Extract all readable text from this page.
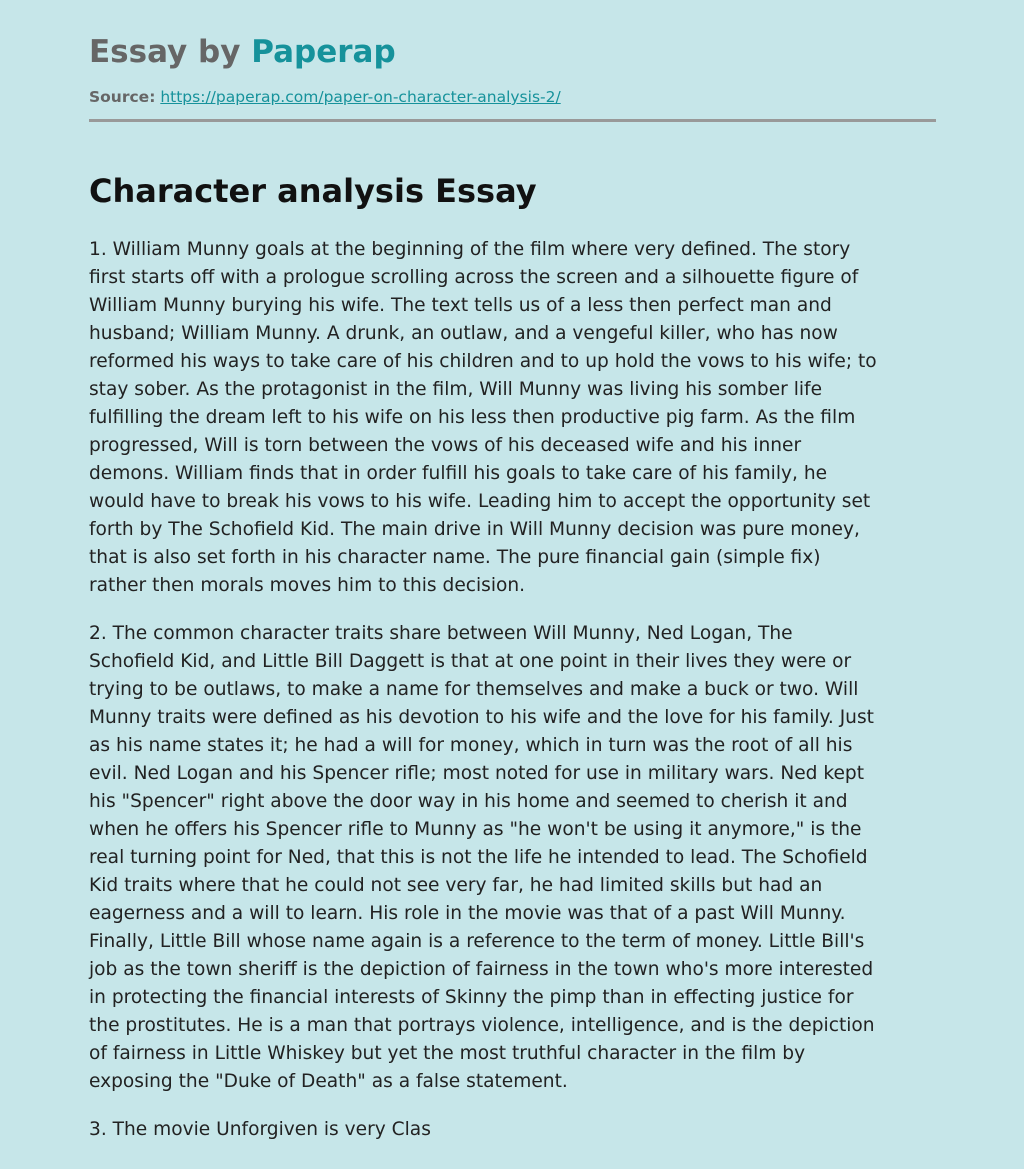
Essay by Paperap
Source: https://paperap.com/paper-on-character-analysis-2/
Character analysis Essay

1. William Munny goals at the beginning of the film where very defined. The story
first starts off with a prologue scrolling across the screen and a silhouette figure of
William Munny burying his wife. The text tells us of a less then perfect man and
husband; William Munny. A drunk, an outlaw, and a vengeful killer, who has now
reformed his ways to take care of his children and to up hold the vows to his wife; to
stay sober. As the protagonist in the film, Will Munny was living his somber life
fulfilling the dream left to his wife on his less then productive pig farm. As the film
progressed, Will is torn between the vows of his deceased wife and his inner
demons. William finds that in order fulfill his goals to take care of his family, he
would have to break his vows to his wife. Leading him to accept the opportunity set
forth by The Schofield Kid. The main drive in Will Munny decision was pure money,
that is also set forth in his character name. The pure financial gain (simple fix)
rather then morals moves him to this decision.

2. The common character traits share between Will Munny, Ned Logan, The
Schofield Kid, and Little Bill Daggett is that at one point in their lives they were or
trying to be outlaws, to make a name for themselves and make a buck or two. Will
Munny traits were defined as his devotion to his wife and the love for his family. Just
as his name states it; he had a will for money, which in turn was the root of all his
evil. Ned Logan and his Spencer rifle; most noted for use in military wars. Ned kept
his "Spencer" right above the door way in his home and seemed to cherish it and
when he offers his Spencer rifle to Munny as "he won't be using it anymore," is the
real turning point for Ned, that this is not the life he intended to lead. The Schofield
Kid traits where that he could not see very far, he had limited skills but had an
eagerness and a will to learn. His role in the movie was that of a past Will Munny.
Finally, Little Bill whose name again is a reference to the term of money. Little Bill's
job as the town sheriff is the depiction of fairness in the town who's more interested
in protecting the financial interests of Skinny the pimp than in effecting justice for
the prostitutes. He is a man that portrays violence, intelligence, and is the depiction
of fairness in Little Whiskey but yet the most truthful character in the film by
exposing the "Duke of Death" as a false statement.

3. The movie Unforgiven is very Clas
